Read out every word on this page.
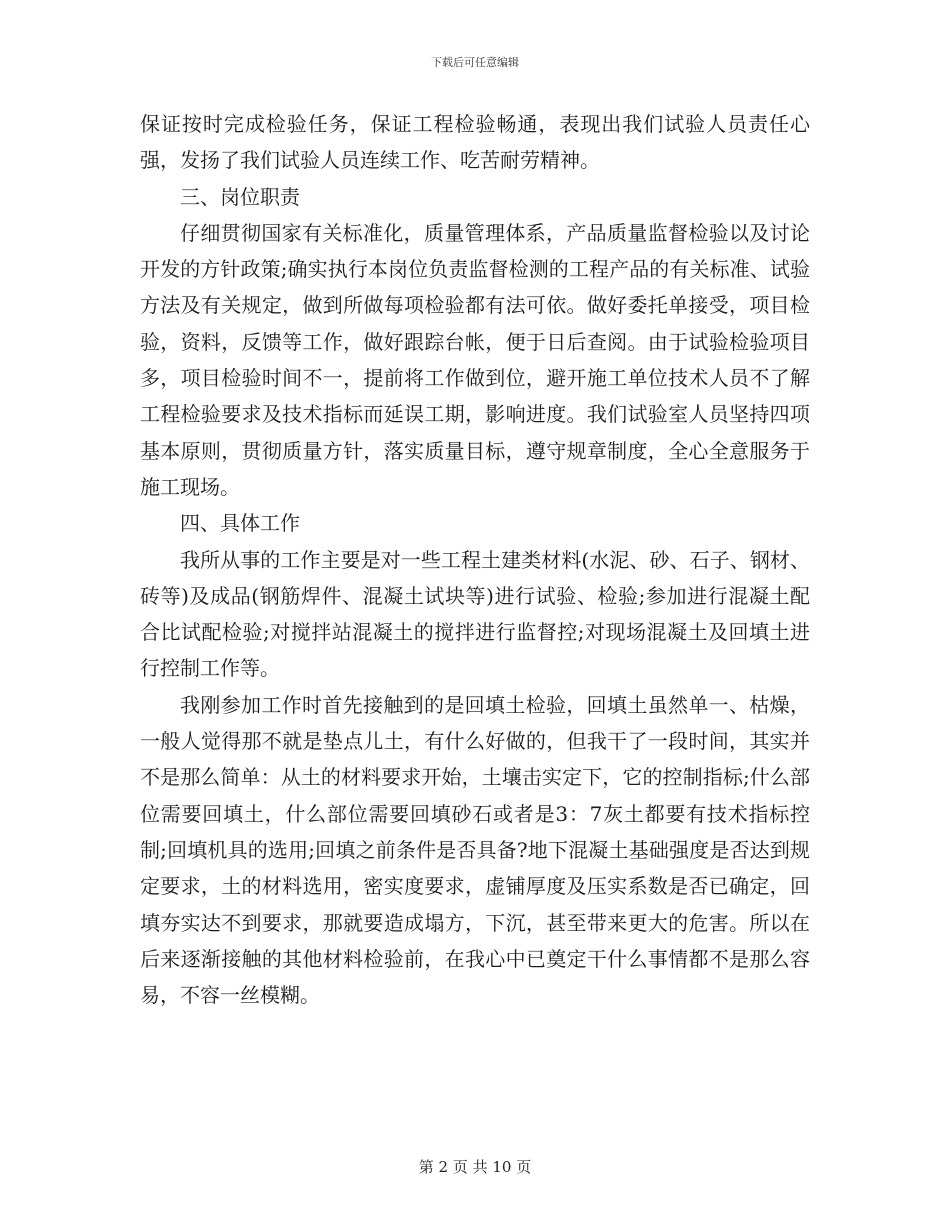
下载后可任意编辑

保证按时完成检验任务，保证工程检验畅通，表现出我们试验人员责任心强，发扬了我们试验人员连续工作、吃苦耐劳精神。

三、岗位职责

仔细贯彻国家有关标准化，质量管理体系，产品质量监督检验以及讨论开发的方针政策;确实执行本岗位负责监督检测的工程产品的有关标准、试验方法及有关规定，做到所做每项检验都有法可依。做好委托单接受，项目检验，资料，反馈等工作，做好跟踪台帐，便于日后查阅。由于试验检验项目多，项目检验时间不一，提前将工作做到位，避开施工单位技术人员不了解工程检验要求及技术指标而延误工期，影响进度。我们试验室人员坚持四项基本原则，贯彻质量方针，落实质量目标，遵守规章制度，全心全意服务于施工现场。

四、具体工作

我所从事的工作主要是对一些工程土建类材料(水泥、砂、石子、钢材、砖等)及成品(钢筋焊件、混凝土试块等)进行试验、检验;参加进行混凝土配合比试配检验;对搅拌站混凝土的搅拌进行监督控;对现场混凝土及回填土进行控制工作等。

我刚参加工作时首先接触到的是回填土检验，回填土虽然单一、枯燥，一般人觉得那不就是垫点儿土，有什么好做的，但我干了一段时间，其实并不是那么简单：从土的材料要求开始，土壤击实定下，它的控制指标;什么部位需要回填土，什么部位需要回填砂石或者是3：7灰土都要有技术指标控制;回填机具的选用;回填之前条件是否具备?地下混凝土基础强度是否达到规定要求，土的材料选用，密实度要求，虚铺厚度及压实系数是否已确定，回填夯实达不到要求，那就要造成塌方，下沉，甚至带来更大的危害。所以在后来逐渐接触的其他材料检验前，在我心中已奠定干什么事情都不是那么容易，不容一丝模糊。

第 2 页 共 10 页
